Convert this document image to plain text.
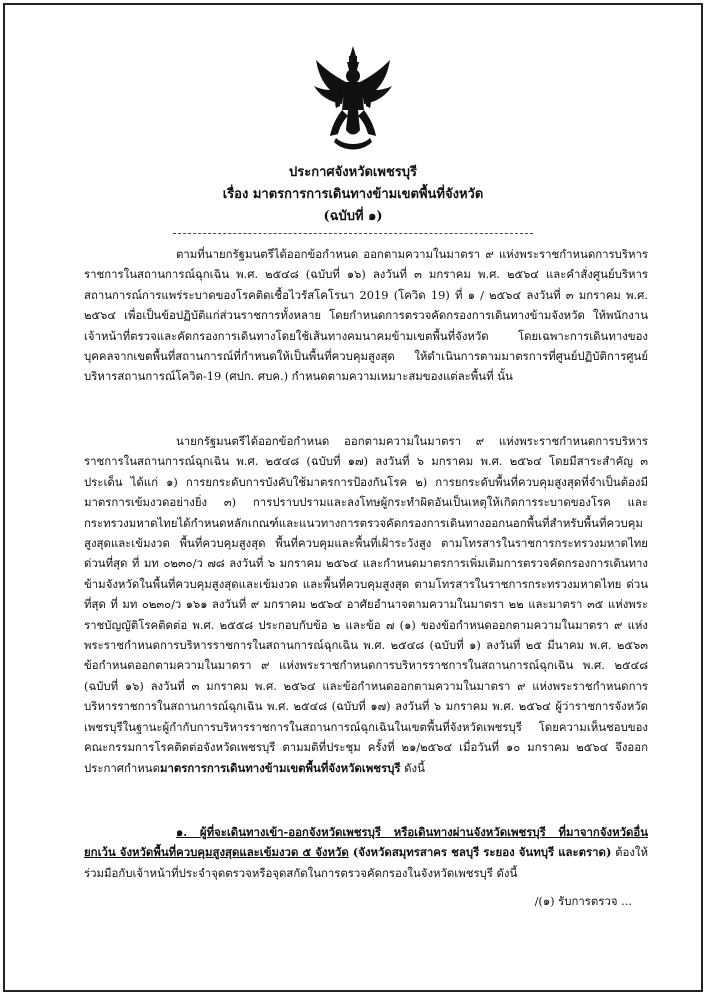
ประกาศจังหวัดเพชรบุรี
เรื่อง มาตรการการเดินทางข้ามเขตพื้นที่จังหวัด
(ฉบับที่ ๑)

ตามที่นายกรัฐมนตรีได้ออกข้อกำหนด ออกตามความในมาตรา ๙ แห่งพระราชกำหนดการบริหารราชการในสถานการณ์ฉุกเฉิน พ.ศ. ๒๕๔๘ (ฉบับที่ ๑๖) ลงวันที่ ๓ มกราคม พ.ศ. ๒๕๖๔ และคำสั่งศูนย์บริหารสถานการณ์การแพร่ระบาดของโรคติดเชื้อไวรัสโคโรนา 2019 (โควิด 19) ที่ ๑ / ๒๕๖๔ ลงวันที่ ๓ มกราคม พ.ศ. ๒๕๖๔ เพื่อเป็นข้อปฏิบัติแก่ส่วนราชการทั้งหลาย โดยกำหนดการตรวจคัดกรองการเดินทางข้ามจังหวัด ให้พนักงานเจ้าหน้าที่ตรวจและคัดกรองการเดินทางโดยใช้เส้นทางคมนาคมข้ามเขตพื้นที่จังหวัด โดยเฉพาะการเดินทางของบุคคลจากเขตพื้นที่สถานการณ์ที่กำหนดให้เป็นพื้นที่ควบคุมสูงสุด ให้ดำเนินการตามมาตรการที่ศูนย์ปฏิบัติการศูนย์บริหารสถานการณ์โควิด-19 (ศปก. ศบค.) กำหนดตามความเหมาะสมของแต่ละพื้นที่ นั้น

นายกรัฐมนตรีได้ออกข้อกำหนด ออกตามความในมาตรา ๙ แห่งพระราชกำหนดการบริหารราชการในสถานการณ์ฉุกเฉิน พ.ศ. ๒๕๔๘ (ฉบับที่ ๑๗) ลงวันที่ ๖ มกราคม พ.ศ. ๒๕๖๔ โดยมีสาระสำคัญ ๓ ประเด็น ได้แก่ ๑) การยกระดับการบังคับใช้มาตรการป้องกันโรค ๒) การยกระดับพื้นที่ควบคุมสูงสุดที่จำเป็นต้องมีมาตรการเข้มงวดอย่างยิ่ง ๓) การปราบปรามและลงโทษผู้กระทำผิดอันเป็นเหตุให้เกิดการระบาดของโรค และกระทรวงมหาดไทยได้กำหนดหลักเกณฑ์และแนวทางการตรวจคัดกรองการเดินทางออกนอกพื้นที่สำหรับพื้นที่ควบคุมสูงสุดและเข้มงวด พื้นที่ควบคุมสูงสุด พื้นที่ควบคุมและพื้นที่เฝ้าระวังสูง ตามโทรสารในราชการกระทรวงมหาดไทย ด่วนที่สุด ที่ มท ๐๒๓๐/ว ๗๘ ลงวันที่ ๖ มกราคม ๒๕๖๔ และกำหนดมาตรการเพิ่มเติมการตรวจคัดกรองการเดินทางข้ามจังหวัดในพื้นที่ควบคุมสูงสุดและเข้มงวด และพื้นที่ควบคุมสูงสุด ตามโทรสารในราชการกระทรวงมหาดไทย ด่วนที่สุด ที่ มท ๐๒๓๐/ว ๑๖๑ ลงวันที่ ๙ มกราคม ๒๕๖๔ อาศัยอำนาจตามความในมาตรา ๒๒ และมาตรา ๓๕ แห่งพระราชบัญญัติโรคติดต่อ พ.ศ. ๒๕๕๘ ประกอบกับข้อ ๒ และข้อ ๗ (๑) ของข้อกำหนดออกตามความในมาตรา ๙ แห่งพระราชกำหนดการบริหารราชการในสถานการณ์ฉุกเฉิน พ.ศ. ๒๕๔๘ (ฉบับที่ ๑) ลงวันที่ ๒๕ มีนาคม พ.ศ. ๒๕๖๓ ข้อกำหนดออกตามความในมาตรา ๙ แห่งพระราชกำหนดการบริหารราชการในสถานการณ์ฉุกเฉิน พ.ศ. ๒๕๔๘ (ฉบับที่ ๑๖) ลงวันที่ ๓ มกราคม พ.ศ. ๒๕๖๔ และข้อกำหนดออกตามความในมาตรา ๙ แห่งพระราชกำหนดการบริหารราชการในสถานการณ์ฉุกเฉิน พ.ศ. ๒๕๔๘ (ฉบับที่ ๑๗) ลงวันที่ ๖ มกราคม พ.ศ. ๒๕๖๔ ผู้ว่าราชการจังหวัดเพชรบุรีในฐานะผู้กำกับการบริหารราชการในสถานการณ์ฉุกเฉินในเขตพื้นที่จังหวัดเพชรบุรี โดยความเห็นชอบของคณะกรรมการโรคติดต่อจังหวัดเพชรบุรี ตามมติที่ประชุม ครั้งที่ ๒๑/๒๕๖๔ เมื่อวันที่ ๑๐ มกราคม ๒๕๖๔ จึงออกประกาศกำหนดมาตรการการเดินทางข้ามเขตพื้นที่จังหวัดเพชรบุรี ดังนี้

๑. ผู้ที่จะเดินทางเข้า-ออกจังหวัดเพชรบุรี หรือเดินทางผ่านจังหวัดเพชรบุรี ที่มาจากจังหวัดอื่น ยกเว้น จังหวัดพื้นที่ควบคุมสูงสุดและเข้มงวด ๕ จังหวัด (จังหวัดสมุทรสาคร ชลบุรี ระยอง จันทบุรี และตราด) ต้องให้ร่วมมือกับเจ้าหน้าที่ประจำจุดตรวจหรือจุดสกัดในการตรวจคัดกรองในจังหวัดเพชรบุรี ดังนี้

/(๑) รับการตรวจ ...
